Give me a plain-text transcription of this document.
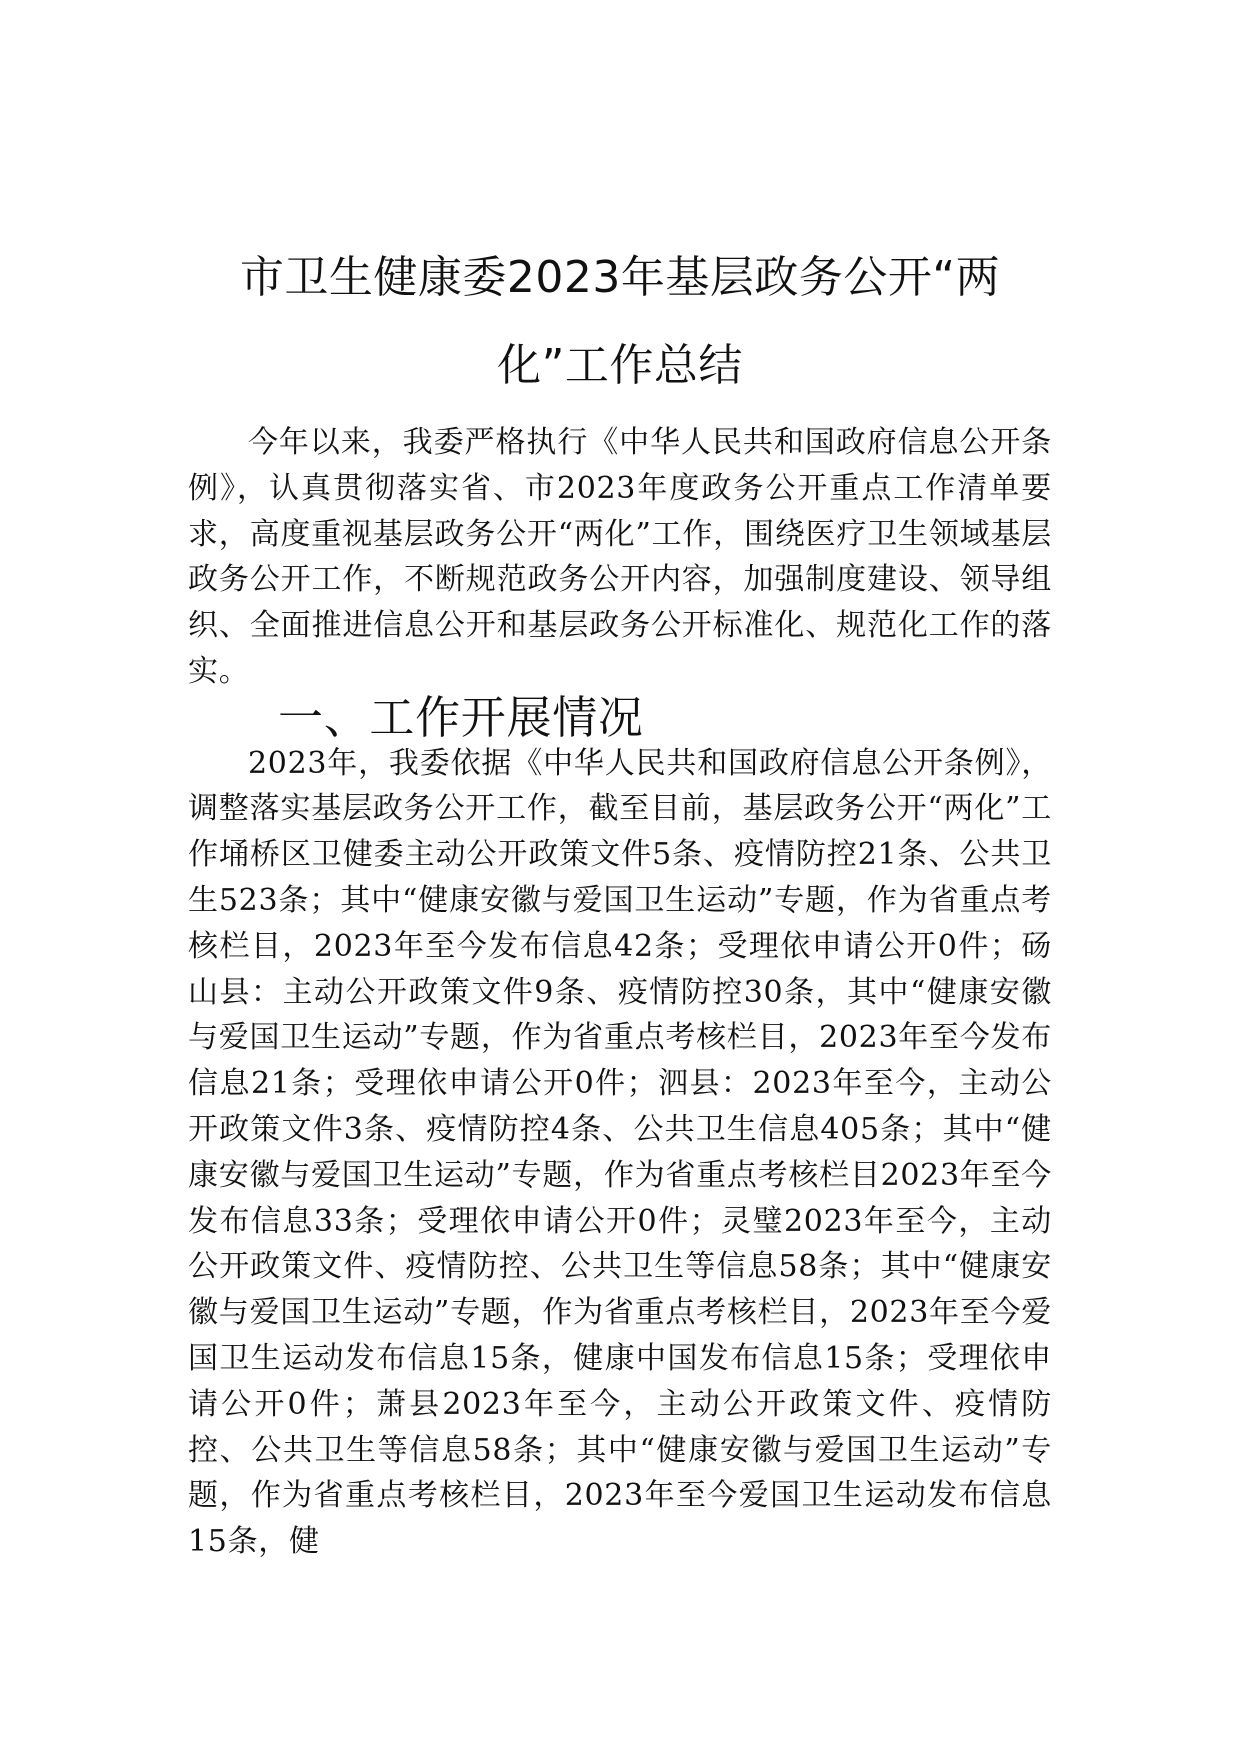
市卫生健康委2023年基层政务公开“两
化”工作总结

今年以来，我委严格执行《中华人民共和国政府信息公开条例》，认真贯彻落实省、市2023年度政务公开重点工作清单要求，高度重视基层政务公开“两化”工作，围绕医疗卫生领域基层政务公开工作，不断规范政务公开内容，加强制度建设、领导组织、全面推进信息公开和基层政务公开标准化、规范化工作的落实。

一、工作开展情况

2023年，我委依据《中华人民共和国政府信息公开条例》，调整落实基层政务公开工作，截至目前，基层政务公开“两化”工作埇桥区卫健委主动公开政策文件5条、疫情防控21条、公共卫生523条；其中“健康安徽与爱国卫生运动”专题，作为省重点考核栏目，2023年至今发布信息42条；受理依申请公开0件；砀山县：主动公开政策文件9条、疫情防控30条，其中“健康安徽与爱国卫生运动”专题，作为省重点考核栏目，2023年至今发布信息21条；受理依申请公开0件；泗县：2023年至今，主动公开政策文件3条、疫情防控4条、公共卫生信息405条；其中“健康安徽与爱国卫生运动”专题，作为省重点考核栏目2023年至今发布信息33条；受理依申请公开0件；灵璧2023年至今，主动公开政策文件、疫情防控、公共卫生等信息58条；其中“健康安徽与爱国卫生运动”专题，作为省重点考核栏目，2023年至今爱国卫生运动发布信息15条，健康中国发布信息15条；受理依申请公开0件；萧县2023年至今，主动公开政策文件、疫情防控、公共卫生等信息58条；其中“健康安徽与爱国卫生运动”专题，作为省重点考核栏目，2023年至今爱国卫生运动发布信息15条，健
